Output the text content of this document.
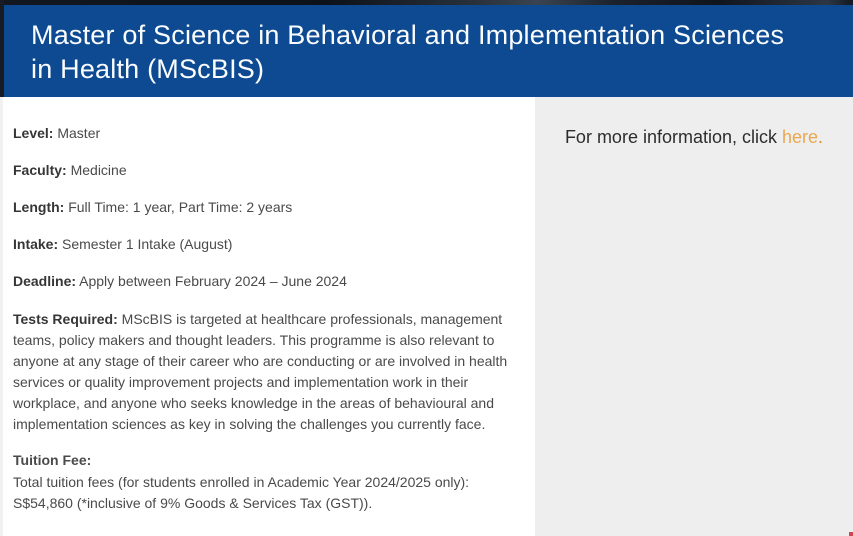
Master of Science in Behavioral and Implementation Sciences in Health (MScBIS)

Level: Master

Faculty: Medicine

Length: Full Time: 1 year, Part Time: 2 years

Intake: Semester 1 Intake (August)

Deadline: Apply between February 2024 – June 2024

Tests Required: MScBIS is targeted at healthcare professionals, management teams, policy makers and thought leaders. This programme is also relevant to anyone at any stage of their career who are conducting or are involved in health services or quality improvement projects and implementation work in their workplace, and anyone who seeks knowledge in the areas of behavioural and implementation sciences as key in solving the challenges you currently face.

Tuition Fee:

Total tuition fees (for students enrolled in Academic Year 2024/2025 only):

S$54,860 (*inclusive of 9% Goods & Services Tax (GST)).

For more information, click here.
